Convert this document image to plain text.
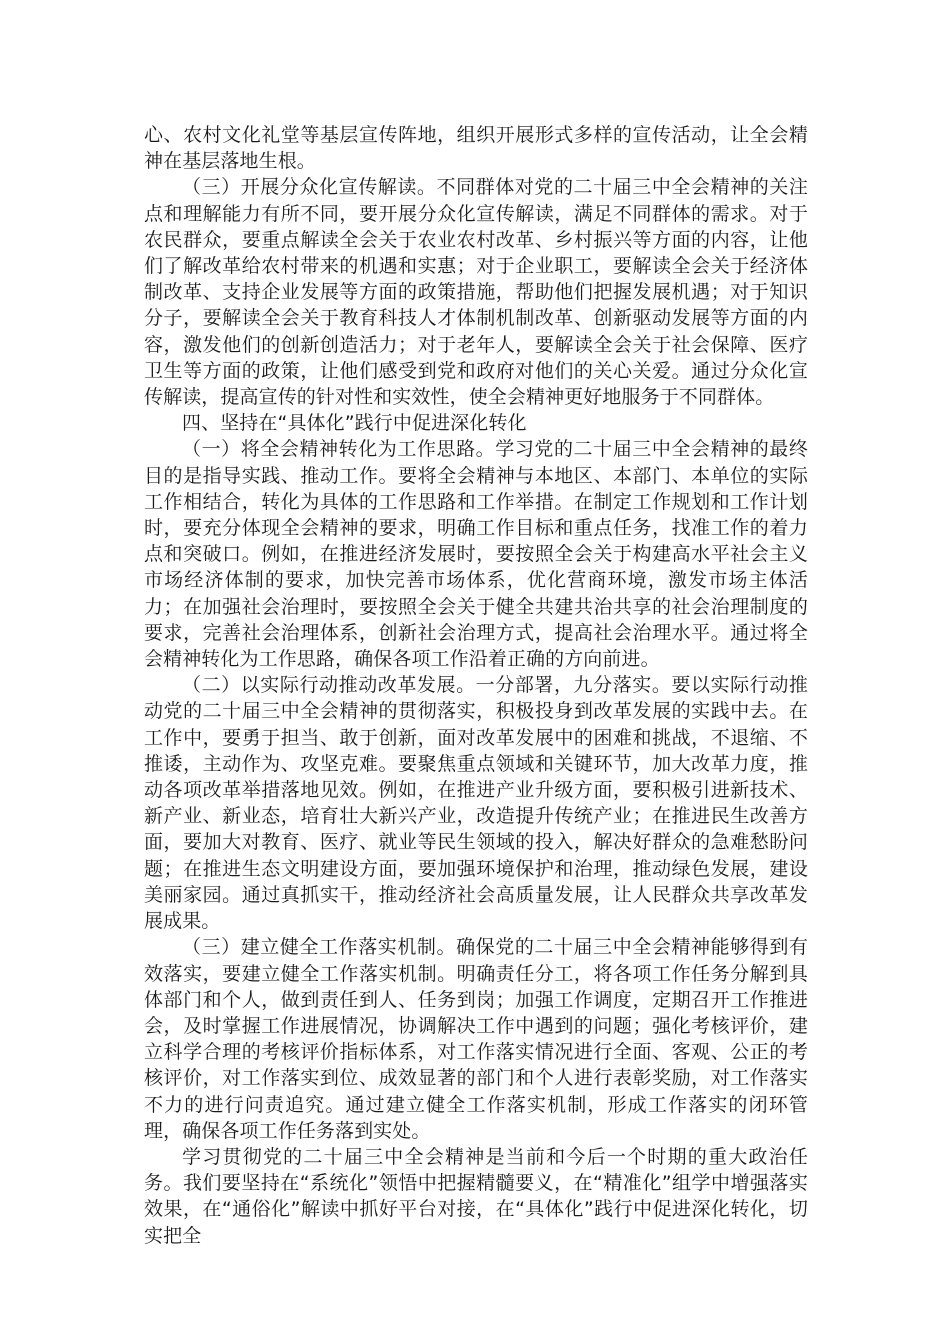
心、农村文化礼堂等基层宣传阵地，组织开展形式多样的宣传活动，让全会精神在基层落地生根。

（三）开展分众化宣传解读。不同群体对党的二十届三中全会精神的关注点和理解能力有所不同，要开展分众化宣传解读，满足不同群体的需求。对于农民群众，要重点解读全会关于农业农村改革、乡村振兴等方面的内容，让他们了解改革给农村带来的机遇和实惠；对于企业职工，要解读全会关于经济体制改革、支持企业发展等方面的政策措施，帮助他们把握发展机遇；对于知识分子，要解读全会关于教育科技人才体制机制改革、创新驱动发展等方面的内容，激发他们的创新创造活力；对于老年人，要解读全会关于社会保障、医疗卫生等方面的政策，让他们感受到党和政府对他们的关心关爱。通过分众化宣传解读，提高宣传的针对性和实效性，使全会精神更好地服务于不同群体。

四、坚持在“具体化”践行中促进深化转化

（一）将全会精神转化为工作思路。学习党的二十届三中全会精神的最终目的是指导实践、推动工作。要将全会精神与本地区、本部门、本单位的实际工作相结合，转化为具体的工作思路和工作举措。在制定工作规划和工作计划时，要充分体现全会精神的要求，明确工作目标和重点任务，找准工作的着力点和突破口。例如，在推进经济发展时，要按照全会关于构建高水平社会主义市场经济体制的要求，加快完善市场体系，优化营商环境，激发市场主体活力；在加强社会治理时，要按照全会关于健全共建共治共享的社会治理制度的要求，完善社会治理体系，创新社会治理方式，提高社会治理水平。通过将全会精神转化为工作思路，确保各项工作沿着正确的方向前进。

（二）以实际行动推动改革发展。一分部署，九分落实。要以实际行动推动党的二十届三中全会精神的贯彻落实，积极投身到改革发展的实践中去。在工作中，要勇于担当、敢于创新，面对改革发展中的困难和挑战，不退缩、不推诿，主动作为、攻坚克难。要聚焦重点领域和关键环节，加大改革力度，推动各项改革举措落地见效。例如，在推进产业升级方面，要积极引进新技术、新产业、新业态，培育壮大新兴产业，改造提升传统产业；在推进民生改善方面，要加大对教育、医疗、就业等民生领域的投入，解决好群众的急难愁盼问题；在推进生态文明建设方面，要加强环境保护和治理，推动绿色发展，建设美丽家园。通过真抓实干，推动经济社会高质量发展，让人民群众共享改革发展成果。

（三）建立健全工作落实机制。确保党的二十届三中全会精神能够得到有效落实，要建立健全工作落实机制。明确责任分工，将各项工作任务分解到具体部门和个人，做到责任到人、任务到岗；加强工作调度，定期召开工作推进会，及时掌握工作进展情况，协调解决工作中遇到的问题；强化考核评价，建立科学合理的考核评价指标体系，对工作落实情况进行全面、客观、公正的考核评价，对工作落实到位、成效显著的部门和个人进行表彰奖励，对工作落实不力的进行问责追究。通过建立健全工作落实机制，形成工作落实的闭环管理，确保各项工作任务落到实处。

学习贯彻党的二十届三中全会精神是当前和今后一个时期的重大政治任务。我们要坚持在“系统化”领悟中把握精髓要义，在“精准化”组学中增强落实效果，在“通俗化”解读中抓好平台对接，在“具体化”践行中促进深化转化，切实把全
